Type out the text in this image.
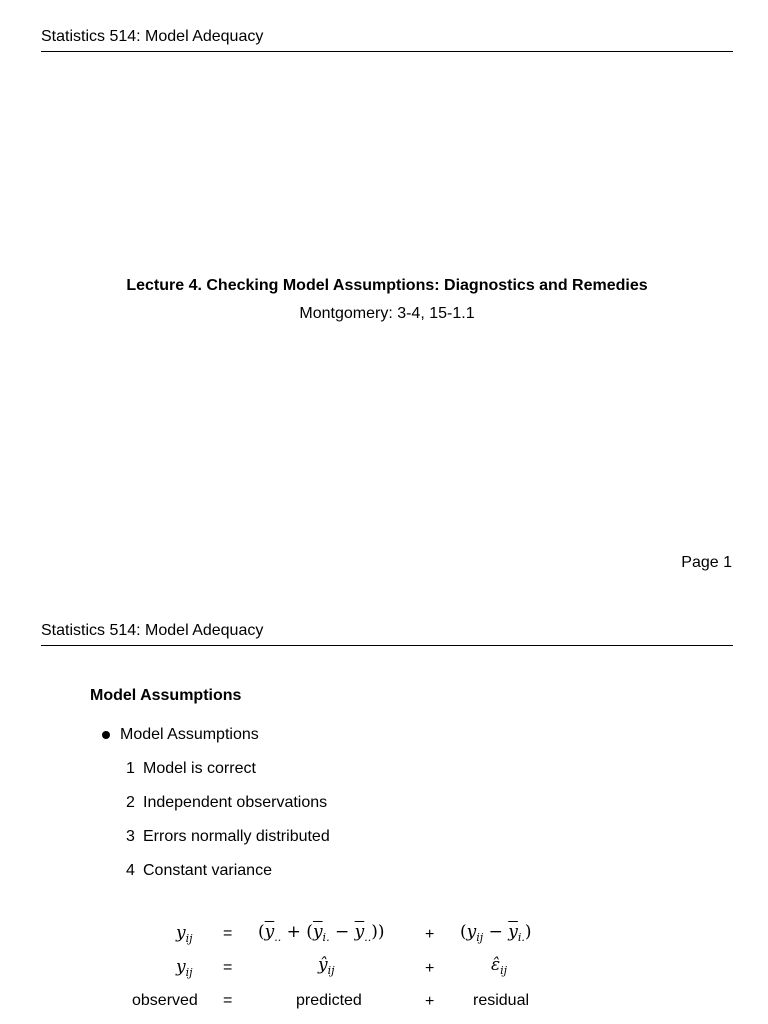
Statistics 514: Model Adequacy
Lecture 4. Checking Model Assumptions: Diagnostics and Remedies
Montgomery: 3-4, 15-1.1
Page 1
Statistics 514: Model Adequacy
Model Assumptions
Model Assumptions
1 Model is correct
2 Independent observations
3 Errors normally distributed
4 Constant variance
$y_{ij} = (\overline{y}_{..} + (\overline{y}_{i.} - \overline{y}_{..}))$	+ $(y_{ij} - \overline{y}_{i.})$
$y_{ij}$ =	$ŷ_{ij}$	+	$\varepsilon̂_{ij}$
observed =	predicted	+ residual
